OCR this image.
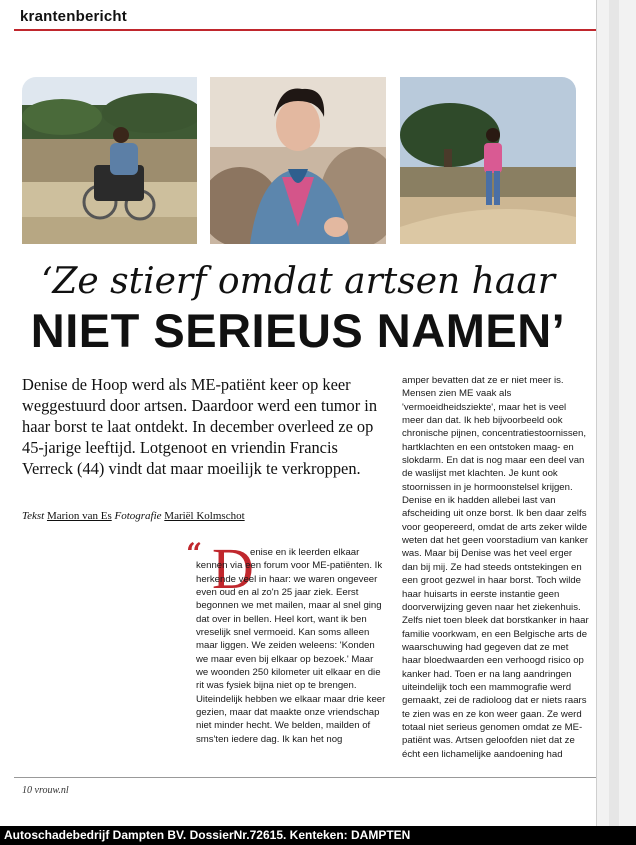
krantenbericht
‘Ze stierf omdat artsen haar
NIET SERIEUS NAMEN’
Denise de Hoop werd als ME-patiënt keer op keer weggestuurd door artsen. Daardoor werd een tumor in haar borst te laat ontdekt. In december overleed ze op 45-jarige leeftijd. Lotgenoot en vriendin Francis Verreck (44) vindt dat maar moeilijk te verkroppen.
Tekst Marion van Es Fotografie Mariël Kolmschot
“ D

enise en ik leerden elkaar kennen via een forum voor ME-patiënten. Ik herkende veel in haar: we waren ongeveer even oud en al zo'n 25 jaar ziek. Eerst begonnen we met mailen, maar al snel ging dat over in bellen. Heel kort, want ik ben vreselijk snel vermoeid. Kan soms alleen maar liggen. We zeiden weleens: 'Konden we maar even bij elkaar op bezoek.' Maar we woonden 250 kilometer uit elkaar en die rit was fysiek bijna niet op te brengen. Uiteindelijk hebben we elkaar maar drie keer gezien, maar dat maakte onze vriendschap niet minder hecht. We belden, mailden of sms'ten iedere dag. Ik kan het nog

amper bevatten dat ze er niet meer is. Mensen zien ME vaak als 'vermoeidheidsziekte', maar het is veel meer dan dat. Ik heb bijvoorbeeld ook chronische pijnen, concentratiestoornissen, hartklachten en een ontstoken maag- en slokdarm. En dat is nog maar een deel van de waslijst met klachten. Je kunt ook stoornissen in je hormoonstelsel krijgen. Denise en ik hadden allebei last van afscheiding uit onze borst. Ik ben daar zelfs voor geopereerd, omdat de arts zeker wilde weten dat het geen voorstadium van kanker was. Maar bij Denise was het veel erger dan bij mij. Ze had steeds ontstekingen en een groot gezwel in haar borst. Toch wilde haar huisarts in eerste instantie geen doorverwijzing geven naar het ziekenhuis. Zelfs niet toen bleek dat borstkanker in haar familie voorkwam, en een Belgische arts de waarschuwing had gegeven dat ze met haar bloedwaarden een verhoogd risico op kanker had. Toen er na lang aandringen uiteindelijk toch een mammografie werd gemaakt, zei de radioloog dat er niets raars te zien was en ze kon weer gaan. Ze werd totaal niet serieus genomen omdat ze ME-patiënt was. Artsen geloofden niet dat ze écht een lichamelijke aandoening had

10 vrouw.nl
Autoschadebedrijf Dampten BV. DossierNr.72615. Kenteken: DAMPTEN
